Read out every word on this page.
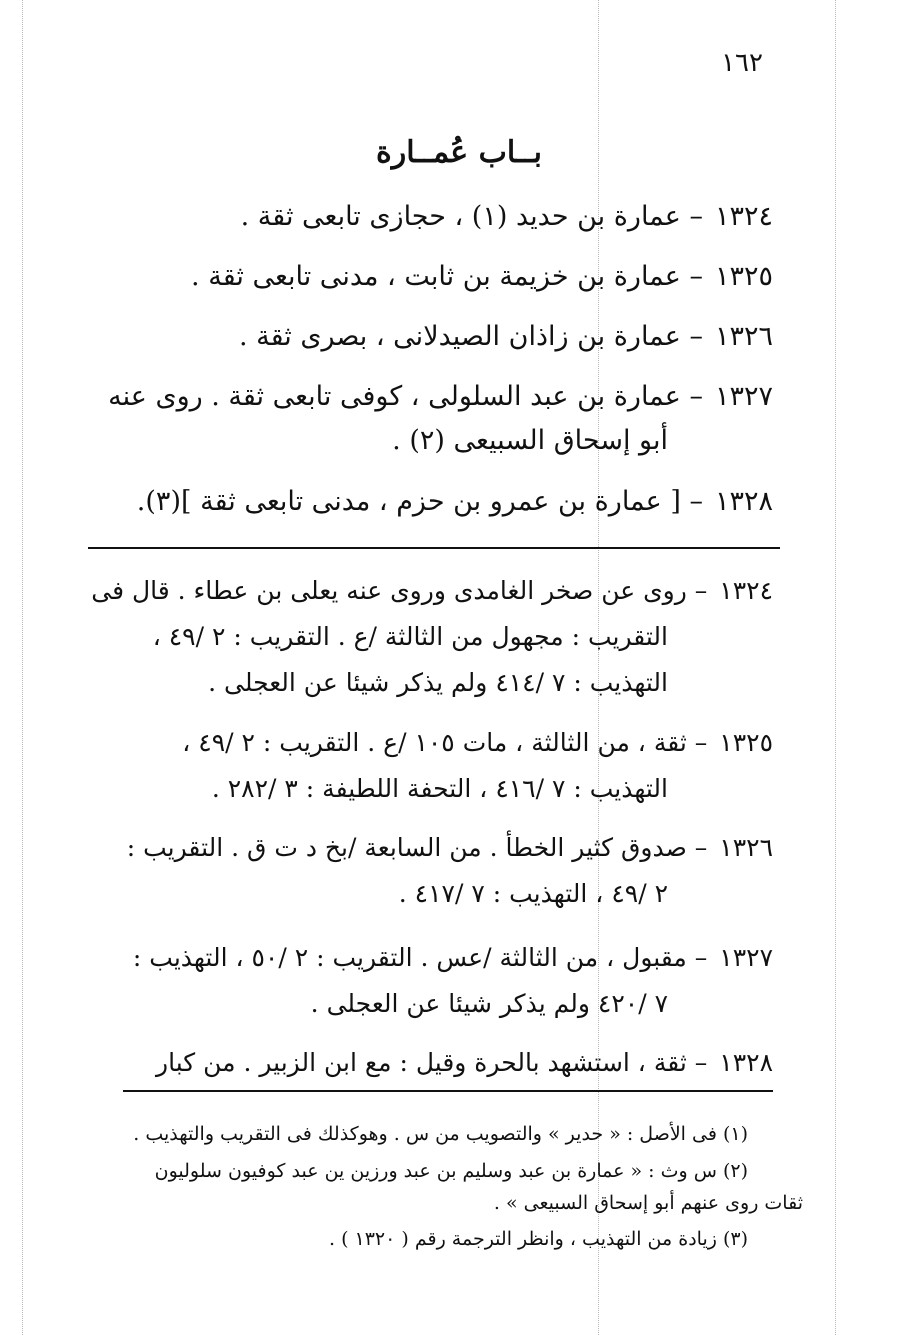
١٦٢
بــاب عُمــارة
١٣٢٤– عمارة بن حديد (١) ، حجازى تابعى ثقة .
١٣٢٥– عمارة بن خزيمة بن ثابت ، مدنى تابعى ثقة .
١٣٢٦– عمارة بن زاذان الصيدلانى ، بصرى ثقة .
١٣٢٧– عمارة بن عبد السلولى ، كوفى تابعى ثقة . روى عنه
أبو إسحاق السبيعى (٢) .
١٣٢٨– [ عمارة بن عمرو بن حزم ، مدنى تابعى ثقة ](٣).
١٣٢٤– روى عن صخر الغامدى وروى عنه يعلى بن عطاء . قال فى
التقريب : مجهول من الثالثة /ع . التقريب : ٢ /٤٩ ،
التهذيب : ٧ /٤١٤ ولم يذكر شيئا عن العجلى .
١٣٢٥– ثقة ، من الثالثة ، مات ١٠٥ /ع . التقريب : ٢ /٤٩ ،
التهذيب : ٧ /٤١٦ ، التحفة اللطيفة : ٣ /٢٨٢ .
١٣٢٦– صدوق كثير الخطأ . من السابعة /بخ د ت ق . التقريب :
٢ /٤٩ ، التهذيب : ٧ /٤١٧ .
١٣٢٧– مقبول ، من الثالثة /عس . التقريب : ٢ /٥٠ ، التهذيب :
٧ /٤٢٠ ولم يذكر شيئا عن العجلى .
١٣٢٨– ثقة ، استشهد بالحرة وقيل : مع ابن الزبير . من كبار
(١) فى الأصل : « حدير » والتصويب من س . وهوكذلك فى التقريب والتهذيب .
(٢) س وث : « عمارة بن عبد وسليم بن عبد ورزين ين عبد كوفيون سلوليون
ثقات روى عنهم أبو إسحاق السبيعى » .
(٣) زيادة من التهذيب ، وانظر الترجمة رقم ( ١٣٢٠ ) .
